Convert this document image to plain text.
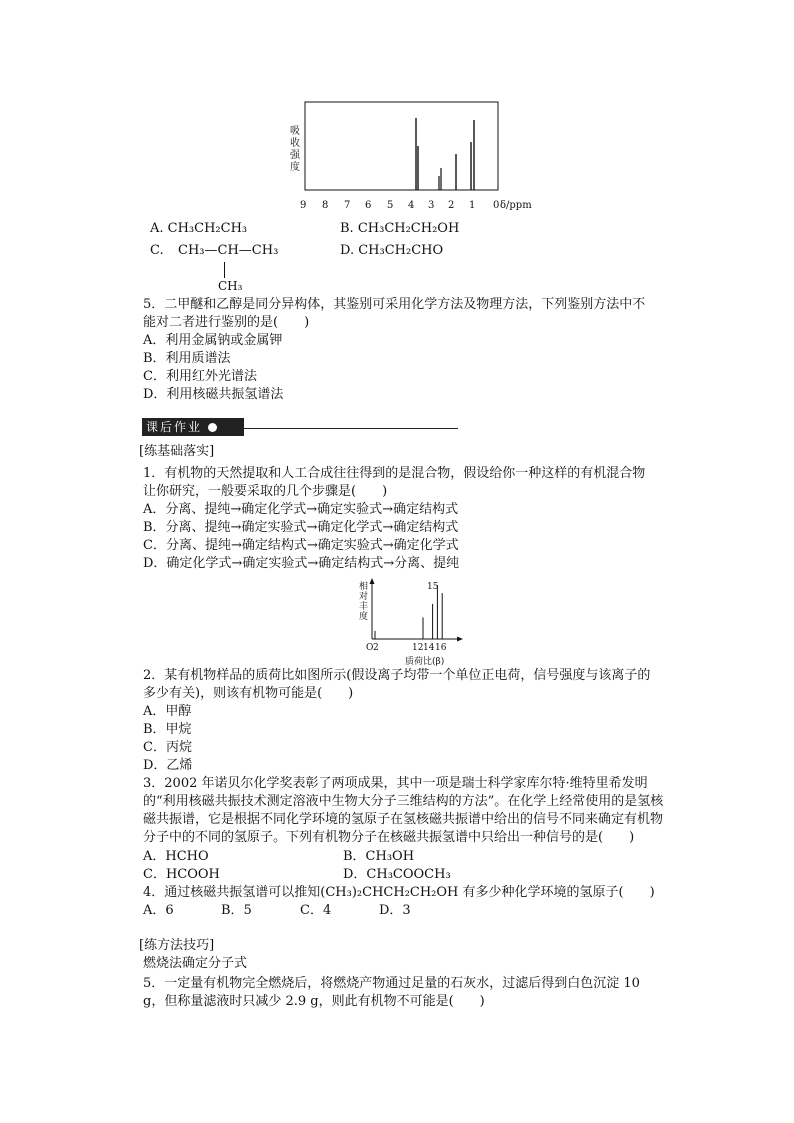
吸
收
强
度
9 8 7 6 5 4 3 2 1 0 δ/ppm
A. CH₃CH₂CH₃	B. CH₃CH₂CH₂OH
C. CH₃—CH—CH₃
CH₃
D. CH₃CH₂CHO
5．二甲醚和乙醇是同分异构体，其鉴别可采用化学方法及物理方法，下列鉴别方法中不
能对二者进行鉴别的是(　　)
A．利用金属钠或金属钾
B．利用质谱法
C．利用红外光谱法
D．利用核磁共振氢谱法
课后作业
[练基础落实]
1．有机物的天然提取和人工合成往往得到的是混合物，假设给你一种这样的有机混合物
让你研究，一般要采取的几个步骤是(　　)
A．分离、提纯→确定化学式→确定实验式→确定结构式
B．分离、提纯→确定实验式→确定化学式→确定结构式
C．分离、提纯→确定结构式→确定实验式→确定化学式
D．确定化学式→确定实验式→确定结构式→分离、提纯
相
对
丰
度
15
O 2	12 14 16
质荷比(β)
2．某有机物样品的质荷比如图所示(假设离子均带一个单位正电荷，信号强度与该离子的
多少有关)，则该有机物可能是(　　)
A．甲醇
B．甲烷
C．丙烷
D．乙烯
3．2002 年诺贝尔化学奖表彰了两项成果，其中一项是瑞士科学家库尔特·维特里希发明
的“利用核磁共振技术测定溶液中生物大分子三维结构的方法”。在化学上经常使用的是氢核
磁共振谱，它是根据不同化学环境的氢原子在氢核磁共振谱中给出的信号不同来确定有机物
分子中的不同的氢原子。下列有机物分子在核磁共振氢谱中只给出一种信号的是(　　)
A．HCHO	B．CH₃OH
C．HCOOH	D．CH₃COOCH₃
4．通过核磁共振氢谱可以推知(CH₃)₂CHCH₂CH₂OH 有多少种化学环境的氢原子(　　)
A．6	B．5	C．4	D．3
[练方法技巧]
燃烧法确定分子式
5．一定量有机物完全燃烧后，将燃烧产物通过足量的石灰水，过滤后得到白色沉淀 10
g，但称量滤液时只减少 2.9 g，则此有机物不可能是(　　)
